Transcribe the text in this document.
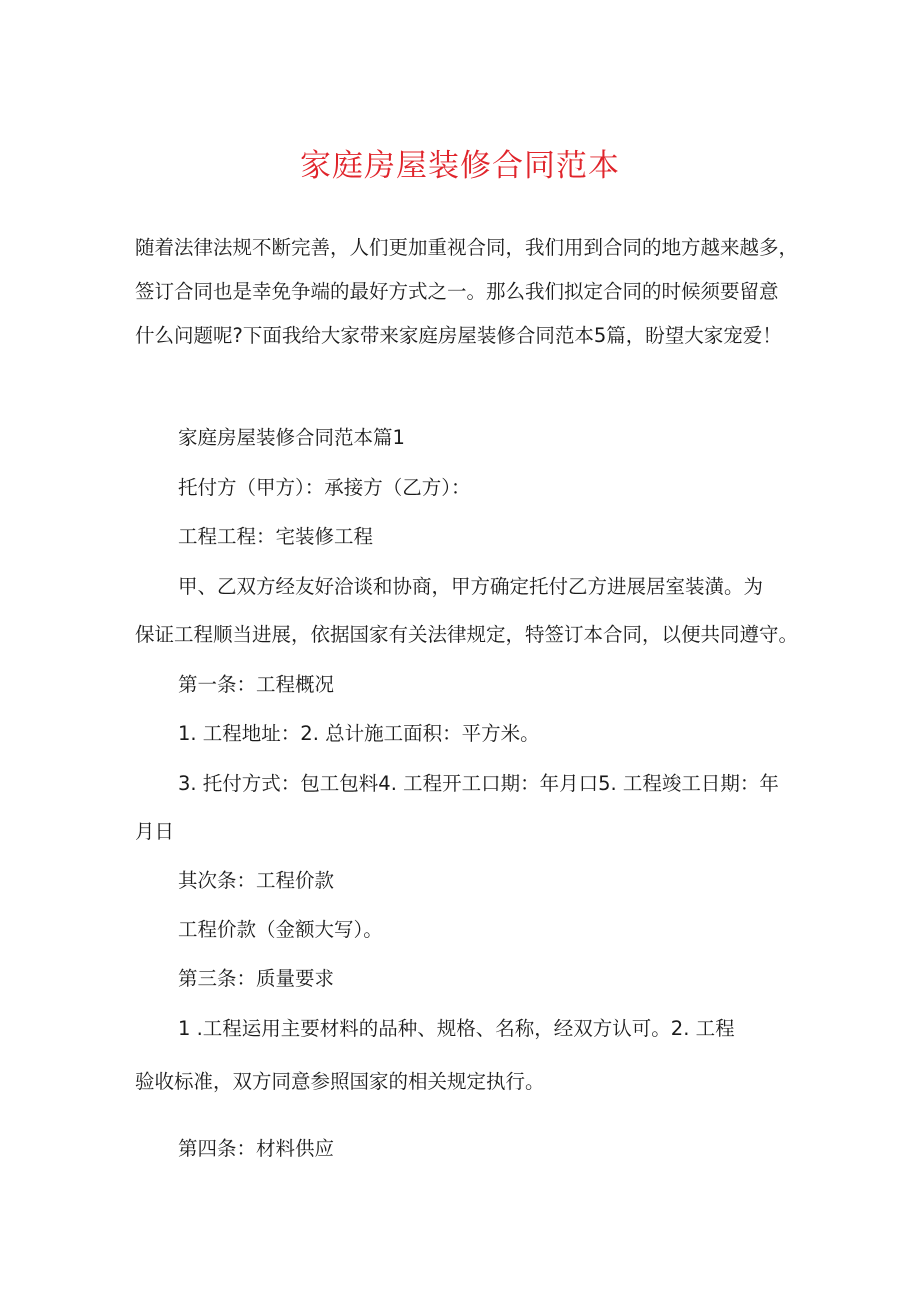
家庭房屋装修合同范本

随着法律法规不断完善，人们更加重视合同，我们用到合同的地方越来越多，
签订合同也是幸免争端的最好方式之一。那么我们拟定合同的时候须要留意
什么问题呢?下面我给大家带来家庭房屋装修合同范本5篇，盼望大家宠爱！

家庭房屋装修合同范本篇1

托付方（甲方）：承接方（乙方）：

工程工程：宅装修工程

甲、乙双方经友好洽谈和协商，甲方确定托付乙方进展居室装潢。为

保证工程顺当进展，依据国家有关法律规定，特签订本合同，以便共同遵守。

第一条：工程概况

1. 工程地址：2. 总计施工面积：平方米。

3. 托付方式：包工包料4. 工程开工口期：年月口5. 工程竣工日期：年

月日

其次条：工程价款

工程价款（金额大写）。

第三条：质量要求

1 .工程运用主要材料的品种、规格、名称，经双方认可。2. 工程

验收标准，双方同意参照国家的相关规定执行。

第四条：材料供应
